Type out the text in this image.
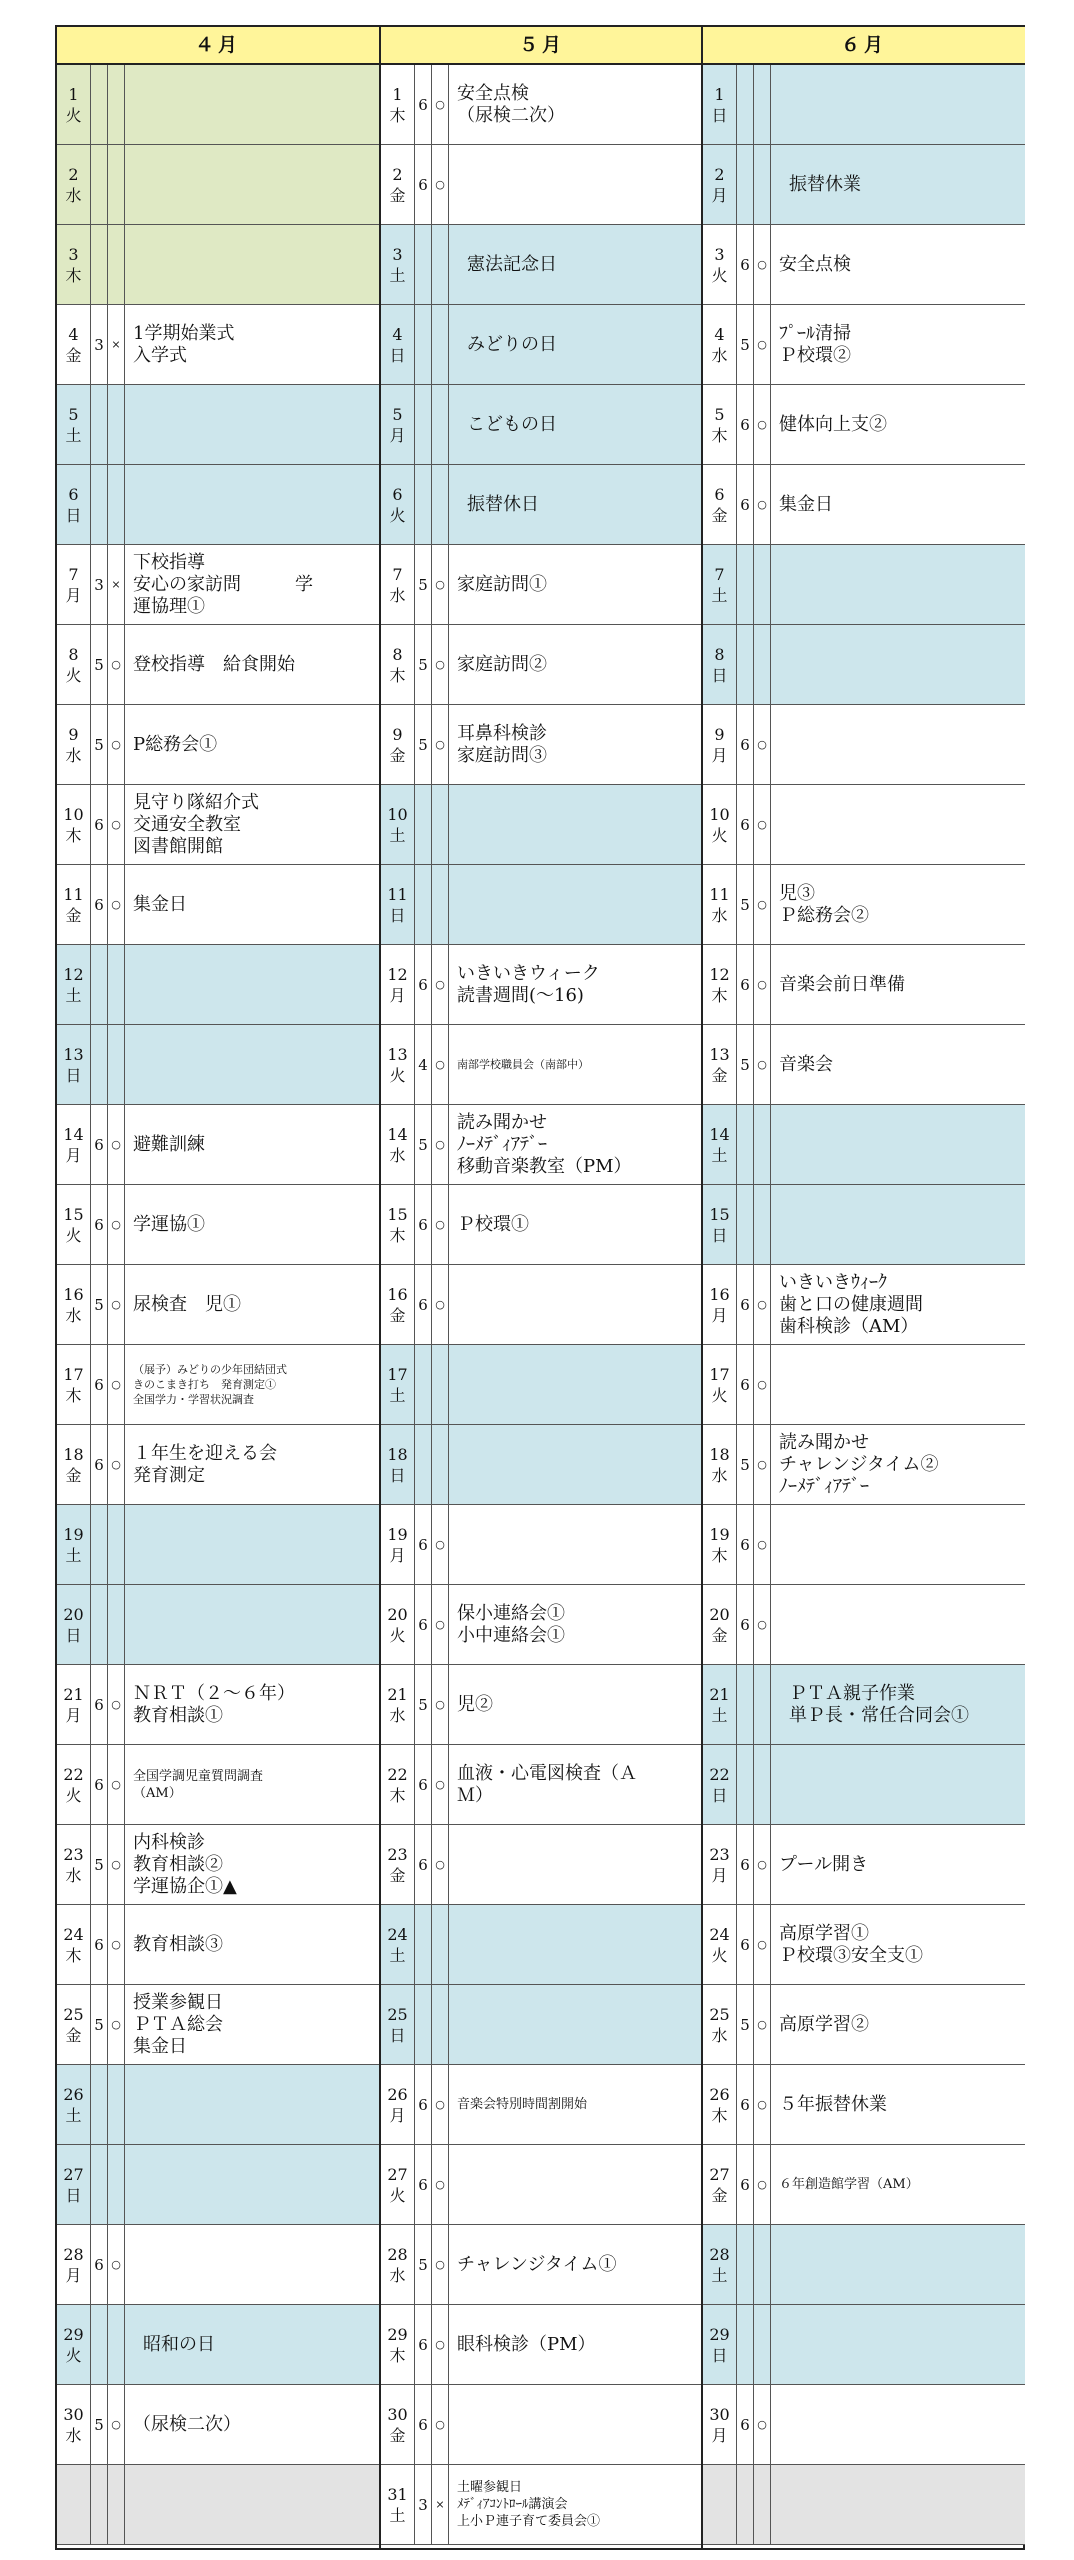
４月
1
火
2
水
3
木
4
金
3 ×
1学期始業式
入学式
5
土
6
日
7
月
3 ×
下校指導
安心の家訪問　　　学
運協理①
8
火
5 ○ 登校指導　給食開始
9
水
5 ○ P総務会①
10
木
6 ○
見守り隊紹介式
交通安全教室
図書館開館
11
金
6 ○ 集金日
12
土
13
日
14
月
6 ○ 避難訓練
15
火
6 ○ 学運協①
16
水
5 ○ 尿検査　児①
17
木
6 ○
（展予）みどりの少年団結団式
きのこまき打ち　発育測定①
全国学力・学習状況調査
18
金
6 ○
１年生を迎える会
発育測定
19
土
20
日
21
月
6 ○
ＮＲＴ（２～６年）
教育相談①
22
火
6 ○
全国学調児童質問調査
（AM）
23
水
5 ○
内科検診
教育相談②
学運協企①▲
24
木
6 ○ 教育相談③
25
金
5 ○
授業参観日
ＰＴＡ総会
集金日
26
土
27
日
28
月
6 ○
29
火
昭和の日
30
水
5 ○ （尿検二次）
５月
1
木
6 ○
安全点検
（尿検二次）
2
金
6 ○
3
土
憲法記念日
4
日
みどりの日
5
月
こどもの日
6
火
振替休日
7
水
5 ○ 家庭訪問①
8
木
5 ○ 家庭訪問②
9
金
5 ○
耳鼻科検診
家庭訪問③
10
土
11
日
12
月
6 ○
いきいきウィーク
読書週間(～16)
13
火
4 ○	南部学校職員会（南部中）
14
水
5 ○
読み聞かせ
ﾉｰﾒﾃﾞｨｱﾃﾞｰ
移動音楽教室（PM）
15
木
6 ○ Ｐ校環①
16
金
6 ○
17
土
18
日
19
月
6 ○
20
火
6 ○
保小連絡会①
小中連絡会①
21
水
5 ○ 児②
22
木
6 ○
血液・心電図検査（Ａ
Ｍ）
23
金
6 ○
24
土
25
日
26
月
6 ○ 音楽会特別時間割開始
27
火
6 ○
28
水
5 ○ チャレンジタイム①
29
木
6 ○ 眼科検診（PM）
30
金
6 ○
31
土
3 ×
土曜参観日
ﾒﾃﾞｨｱｺﾝﾄﾛｰﾙ講演会
上小Ｐ連子育て委員会①
６月
1
日
2
月
振替休業
3
火
6 ○ 安全点検
4
水
5 ○
ﾌﾟｰﾙ清掃
Ｐ校環②
5
木
6 ○ 健体向上支②
6
金
6 ○ 集金日
7
土
8
日
9
月
6 ○
10
火
6 ○
11
水
5 ○
児③
Ｐ総務会②
12
木
6 ○ 音楽会前日準備
13
金
5 ○ 音楽会
14
土
15
日
16
月
6 ○
いきいきｳｨｰｸ
歯と口の健康週間
歯科検診（AM）
17
火
6 ○
18
水
5 ○
読み聞かせ
チャレンジタイム②
ﾉｰﾒﾃﾞｨｱﾃﾞｰ
19
木
6 ○
20
金
6 ○
21
土
ＰＴＡ親子作業
単Ｐ長・常任合同会①
22
日
23
月
6 ○ プール開き
24
火
6 ○
高原学習①
Ｐ校環③安全支①
25
水
5 ○ 高原学習②
26
木
6 ○ ５年振替休業
27
金
6 ○ ６年創造館学習（AM）
28
土
29
日
30
月
6 ○
